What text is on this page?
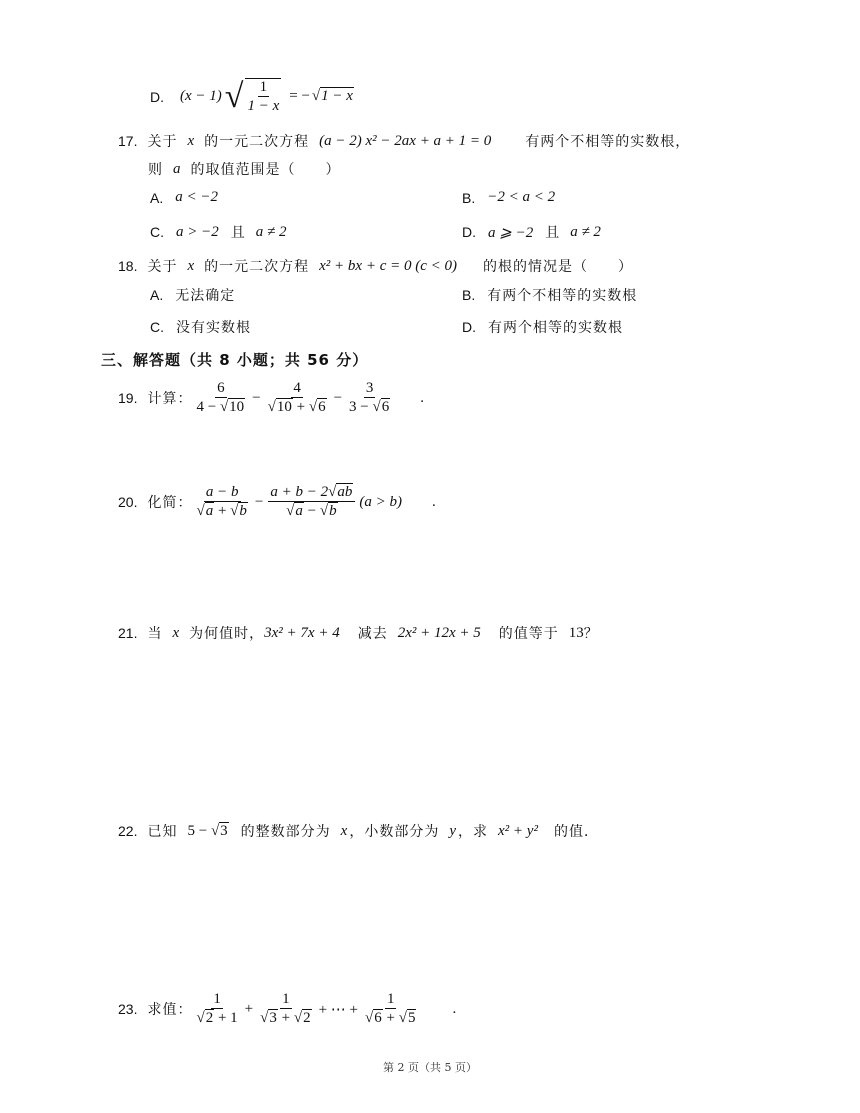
D. (x − 1) √ $\frac{1}{1 - x}$ = − √1 − x
17. 关于 x 的一元二次方程 (a − 2) x² − 2ax + a + 1 = 0 有两个不相等的实数根，
则 a 的取值范围是（　　）
A. a < −2	B. −2 < a < 2
C. a > −2 且 a ≠ 2	D. a ⩾ −2 且 a ≠ 2
18. 关于 x 的一元二次方程 x² + bx + c = 0 (c < 0) 的根的情况是（　　）
A. 无法确定	B. 有两个不相等的实数根
C. 没有实数根	D. 有两个相等的实数根
三、解答题（共 8 小题；共 56 分）
19. 计算： $\frac{6}{4 - √10} - \frac{4}{√10 + √6} - \frac{3}{3 - √6}$ .
20. 化简： $\frac{a - b}{√a + √b} - \frac{a + b - 2√ab}{√a - √b} (a > b)$ .
21. 当 x 为何值时， 3x² + 7x + 4 减去 2x² + 12x + 5 的值等于 13 ？
22. 已知 5 − √3 的整数部分为 x ，小数部分为 y ，求 x² + y² 的值．
23. 求值： $\frac{1}{√2 + 1} + \frac{1}{√3 + √2}$ + ⋯ + $\frac{1}{√6 + √5}$ .
第 2 页（共 5 页）
